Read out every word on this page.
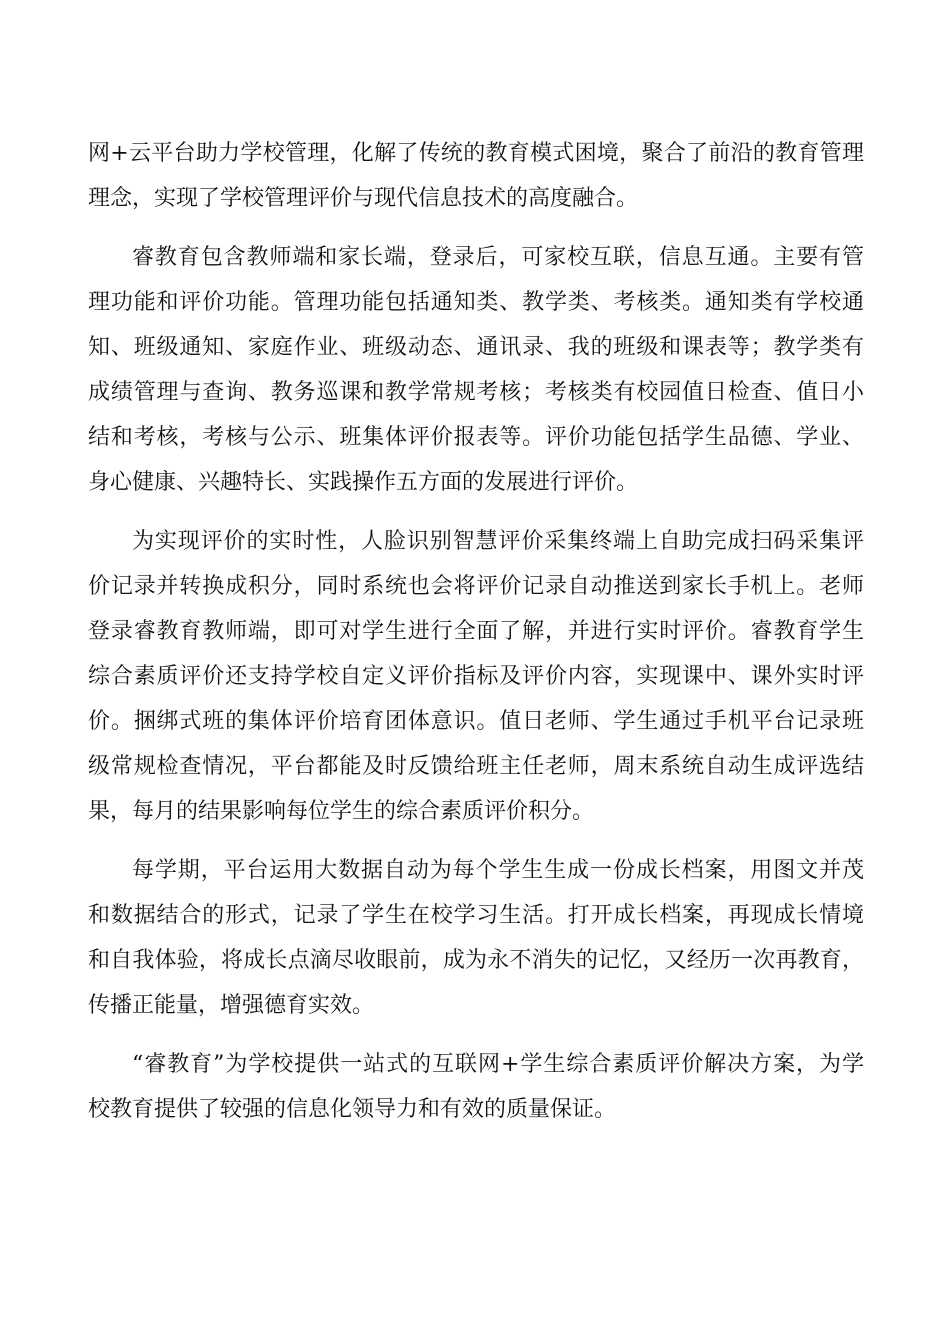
网+云平台助力学校管理，化解了传统的教育模式困境，聚合了前沿的教育管理
理念，实现了学校管理评价与现代信息技术的高度融合。
睿教育包含教师端和家长端，登录后，可家校互联，信息互通。主要有管
理功能和评价功能。管理功能包括通知类、教学类、考核类。通知类有学校通
知、班级通知、家庭作业、班级动态、通讯录、我的班级和课表等；教学类有
成绩管理与查询、教务巡课和教学常规考核；考核类有校园值日检查、值日小
结和考核，考核与公示、班集体评价报表等。评价功能包括学生品德、学业、
身心健康、兴趣特长、实践操作五方面的发展进行评价。
为实现评价的实时性，人脸识别智慧评价采集终端上自助完成扫码采集评
价记录并转换成积分，同时系统也会将评价记录自动推送到家长手机上。老师
登录睿教育教师端，即可对学生进行全面了解，并进行实时评价。睿教育学生
综合素质评价还支持学校自定义评价指标及评价内容，实现课中、课外实时评
价。捆绑式班的集体评价培育团体意识。值日老师、学生通过手机平台记录班
级常规检查情况，平台都能及时反馈给班主任老师，周末系统自动生成评选结
果，每月的结果影响每位学生的综合素质评价积分。
每学期，平台运用大数据自动为每个学生生成一份成长档案，用图文并茂
和数据结合的形式，记录了学生在校学习生活。打开成长档案，再现成长情境
和自我体验，将成长点滴尽收眼前，成为永不消失的记忆，又经历一次再教育，
传播正能量，增强德育实效。
“睿教育”为学校提供一站式的互联网+学生综合素质评价解决方案，为学
校教育提供了较强的信息化领导力和有效的质量保证。
